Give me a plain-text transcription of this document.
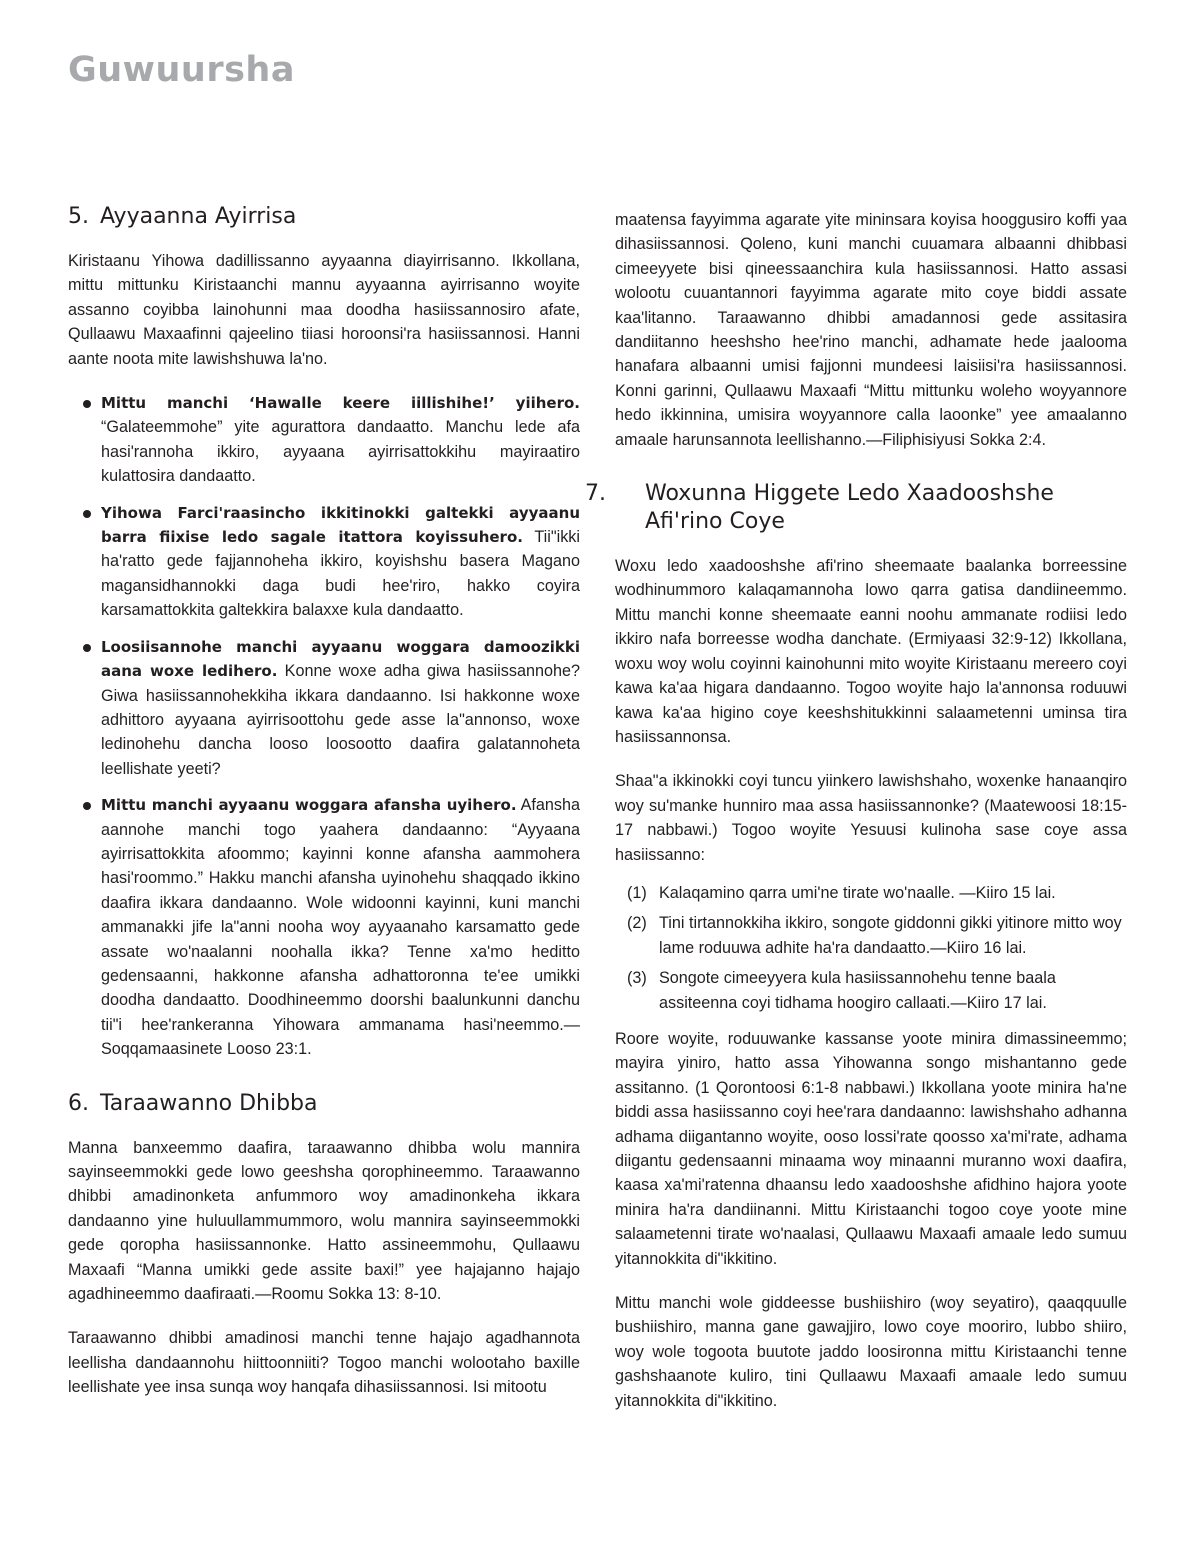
Guwuursha
5. Ayyaanna Ayirrisa

Kiristaanu Yihowa dadillissanno ayyaanna diayirrisanno. Ikkollana, mittu mittunku Kiristaanchi mannu ayyaanna ayirrisanno woyite assanno coyibba lainohunni maa doodha hasiissannosiro afate, Qullaawu Maxaafinni qajeelino tiiasi horoonsi'ra hasiissannosi. Hanni aante noota mite lawishshuwa la'no.

Mittu manchi ‘Hawalle keere iillishihe!’ yiihero. “Galateemmohe” yite agurattora dandaatto. Manchu lede afa hasi'rannoha ikkiro, ayyaana ayirrisattokkihu mayiraatiro kulattosira dandaatto.
Yihowa Farci'raasincho ikkitinokki galtekki ayyaanu barra fiixise ledo sagale itattora koyissuhero. Tii"ikki ha'ratto gede fajjannoheha ikkiro, koyishshu basera Magano magansidhannokki daga budi hee'riro, hakko coyira karsamattokkita galtekkira balaxxe kula dandaatto.
Loosiisannohe manchi ayyaanu woggara damoozikki aana woxe ledihero. Konne woxe adha giwa hasiissannohe? Giwa hasiissannohekkiha ikkara dandaanno. Isi hakkonne woxe adhittoro ayyaana ayirrisoottohu gede asse la"annonso, woxe ledinohehu dancha looso loosootto daafira galatannoheta leellishate yeeti?
Mittu manchi ayyaanu woggara afansha uyihero. Afansha aannohe manchi togo yaahera dandaanno: “Ayyaana ayirrisattokkita afoommo; kayinni konne afansha aammohera hasi'roommo.” Hakku manchi afansha uyinohehu shaqqado ikkino daafira ikkara dandaanno. Wole widoonni kayinni, kuni manchi ammanakki jife la"anni nooha woy ayyaanaho karsamatto gede assate wo'naalanni noohalla ikka? Tenne xa'mo heditto gedensaanni, hakkonne afansha adhattoronna te'ee umikki doodha dandaatto. Doodhineemmo doorshi baalunkunni danchu tii"i hee'rankeranna Yihowara ammanama hasi'neemmo.—Soqqamaasinete Looso 23:1.
6. Taraawanno Dhibba

Manna banxeemmo daafira, taraawanno dhibba wolu mannira sayinseemmokki gede lowo geeshsha qorophineemmo. Taraawanno dhibbi amadinonketa anfummoro woy amadinonkeha ikkara dandaanno yine huluullammummoro, wolu mannira sayinseemmokki gede qoropha hasiissannonke. Hatto assineemmohu, Qullaawu Maxaafi “Manna umikki gede assite baxi!” yee hajajanno hajajo agadhineemmo daafiraati.—Roomu Sokka 13: 8-10.

Taraawanno dhibbi amadinosi manchi tenne hajajo agadhannota leellisha dandaannohu hiittoonniiti? Togoo manchi wolootaho baxille leellishate yee insa sunqa woy hanqafa dihasiissannosi. Isi mitootu

maatensa fayyimma agarate yite mininsara koyisa hooggusiro koffi yaa dihasiissannosi. Qoleno, kuni manchi cuuamara albaanni dhibbasi cimeeyyete bisi qineessaanchira kula hasiissannosi. Hatto assasi wolootu cuuantannori fayyimma agarate mito coye biddi assate kaa'litanno. Taraawanno dhibbi amadannosi gede assitasira dandiitanno heeshsho hee'rino manchi, adhamate hede jaalooma hanafara albaanni umisi fajjonni mundeesi laisiisi'ra hasiissannosi. Konni garinni, Qullaawu Maxaafi “Mittu mittunku woleho woyyannore hedo ikkinnina, umisira woyyannore calla laoonke” yee amaalanno amaale harunsannota leellishanno.—Filiphisiyusi Sokka 2:4.

7. Woxunna Higgete Ledo Xaadooshshe Afi'rino Coye

Woxu ledo xaadooshshe afi'rino sheemaate baalanka borreessine wodhinummoro kalaqamannoha lowo qarra gatisa dandiineemmo. Mittu manchi konne sheemaate eanni noohu ammanate rodiisi ledo ikkiro nafa borreesse wodha danchate. (Ermiyaasi 32:9-12) Ikkollana, woxu woy wolu coyinni kainohunni mito woyite Kiristaanu mereero coyi kawa ka'aa higara dandaanno. Togoo woyite hajo la'annonsa roduuwi kawa ka'aa higino coye keeshshitukkinni salaametenni uminsa tira hasiissannonsa.

Shaa"a ikkinokki coyi tuncu yiinkero lawishshaho, woxenke hanaanqiro woy su'manke hunniro maa assa hasiissannonke? (Maatewoosi 18:15-17 nabbawi.) Togoo woyite Yesuusi kulinoha sase coye assa hasiissanno:

(1) Kalaqamino qarra umi'ne tirate wo'naalle. —Kiiro 15 lai.
(2) Tini tirtannokkiha ikkiro, songote giddonni gikki yitinore mitto woy lame roduuwa adhite ha'ra dandaatto.—Kiiro 16 lai.
(3) Songote cimeeyyera kula hasiissannohehu tenne baala assiteenna coyi tidhama hoogiro callaati.—Kiiro 17 lai.

Roore woyite, roduuwanke kassanse yoote minira dimassineemmo; mayira yiniro, hatto assa Yihowanna songo mishantanno gede assitanno. (1 Qorontoosi 6:1-8 nabbawi.) Ikkollana yoote minira ha'ne biddi assa hasiissanno coyi hee'rara dandaanno: lawishshaho adhanna adhama diigantanno woyite, ooso lossi'rate qoosso xa'mi'rate, adhama diigantu gedensaanni minaama woy minaanni muranno woxi daafira, kaasa xa'mi'ratenna dhaansu ledo xaadooshshe afidhino hajora yoote minira ha'ra dandiinanni. Mittu Kiristaanchi togoo coye yoote mine salaametenni tirate wo'naalasi, Qullaawu Maxaafi amaale ledo sumuu yitannokkita di"ikkitino.

Mittu manchi wole giddeesse bushiishiro (woy seyatiro), qaaqquulle bushiishiro, manna gane gawajjiro, lowo coye mooriro, lubbo shiiro, woy wole togoota buutote jaddo loosironna mittu Kiristaanchi tenne gashshaanote kuliro, tini Qullaawu Maxaafi amaale ledo sumuu yitannokkita di"ikkitino.
